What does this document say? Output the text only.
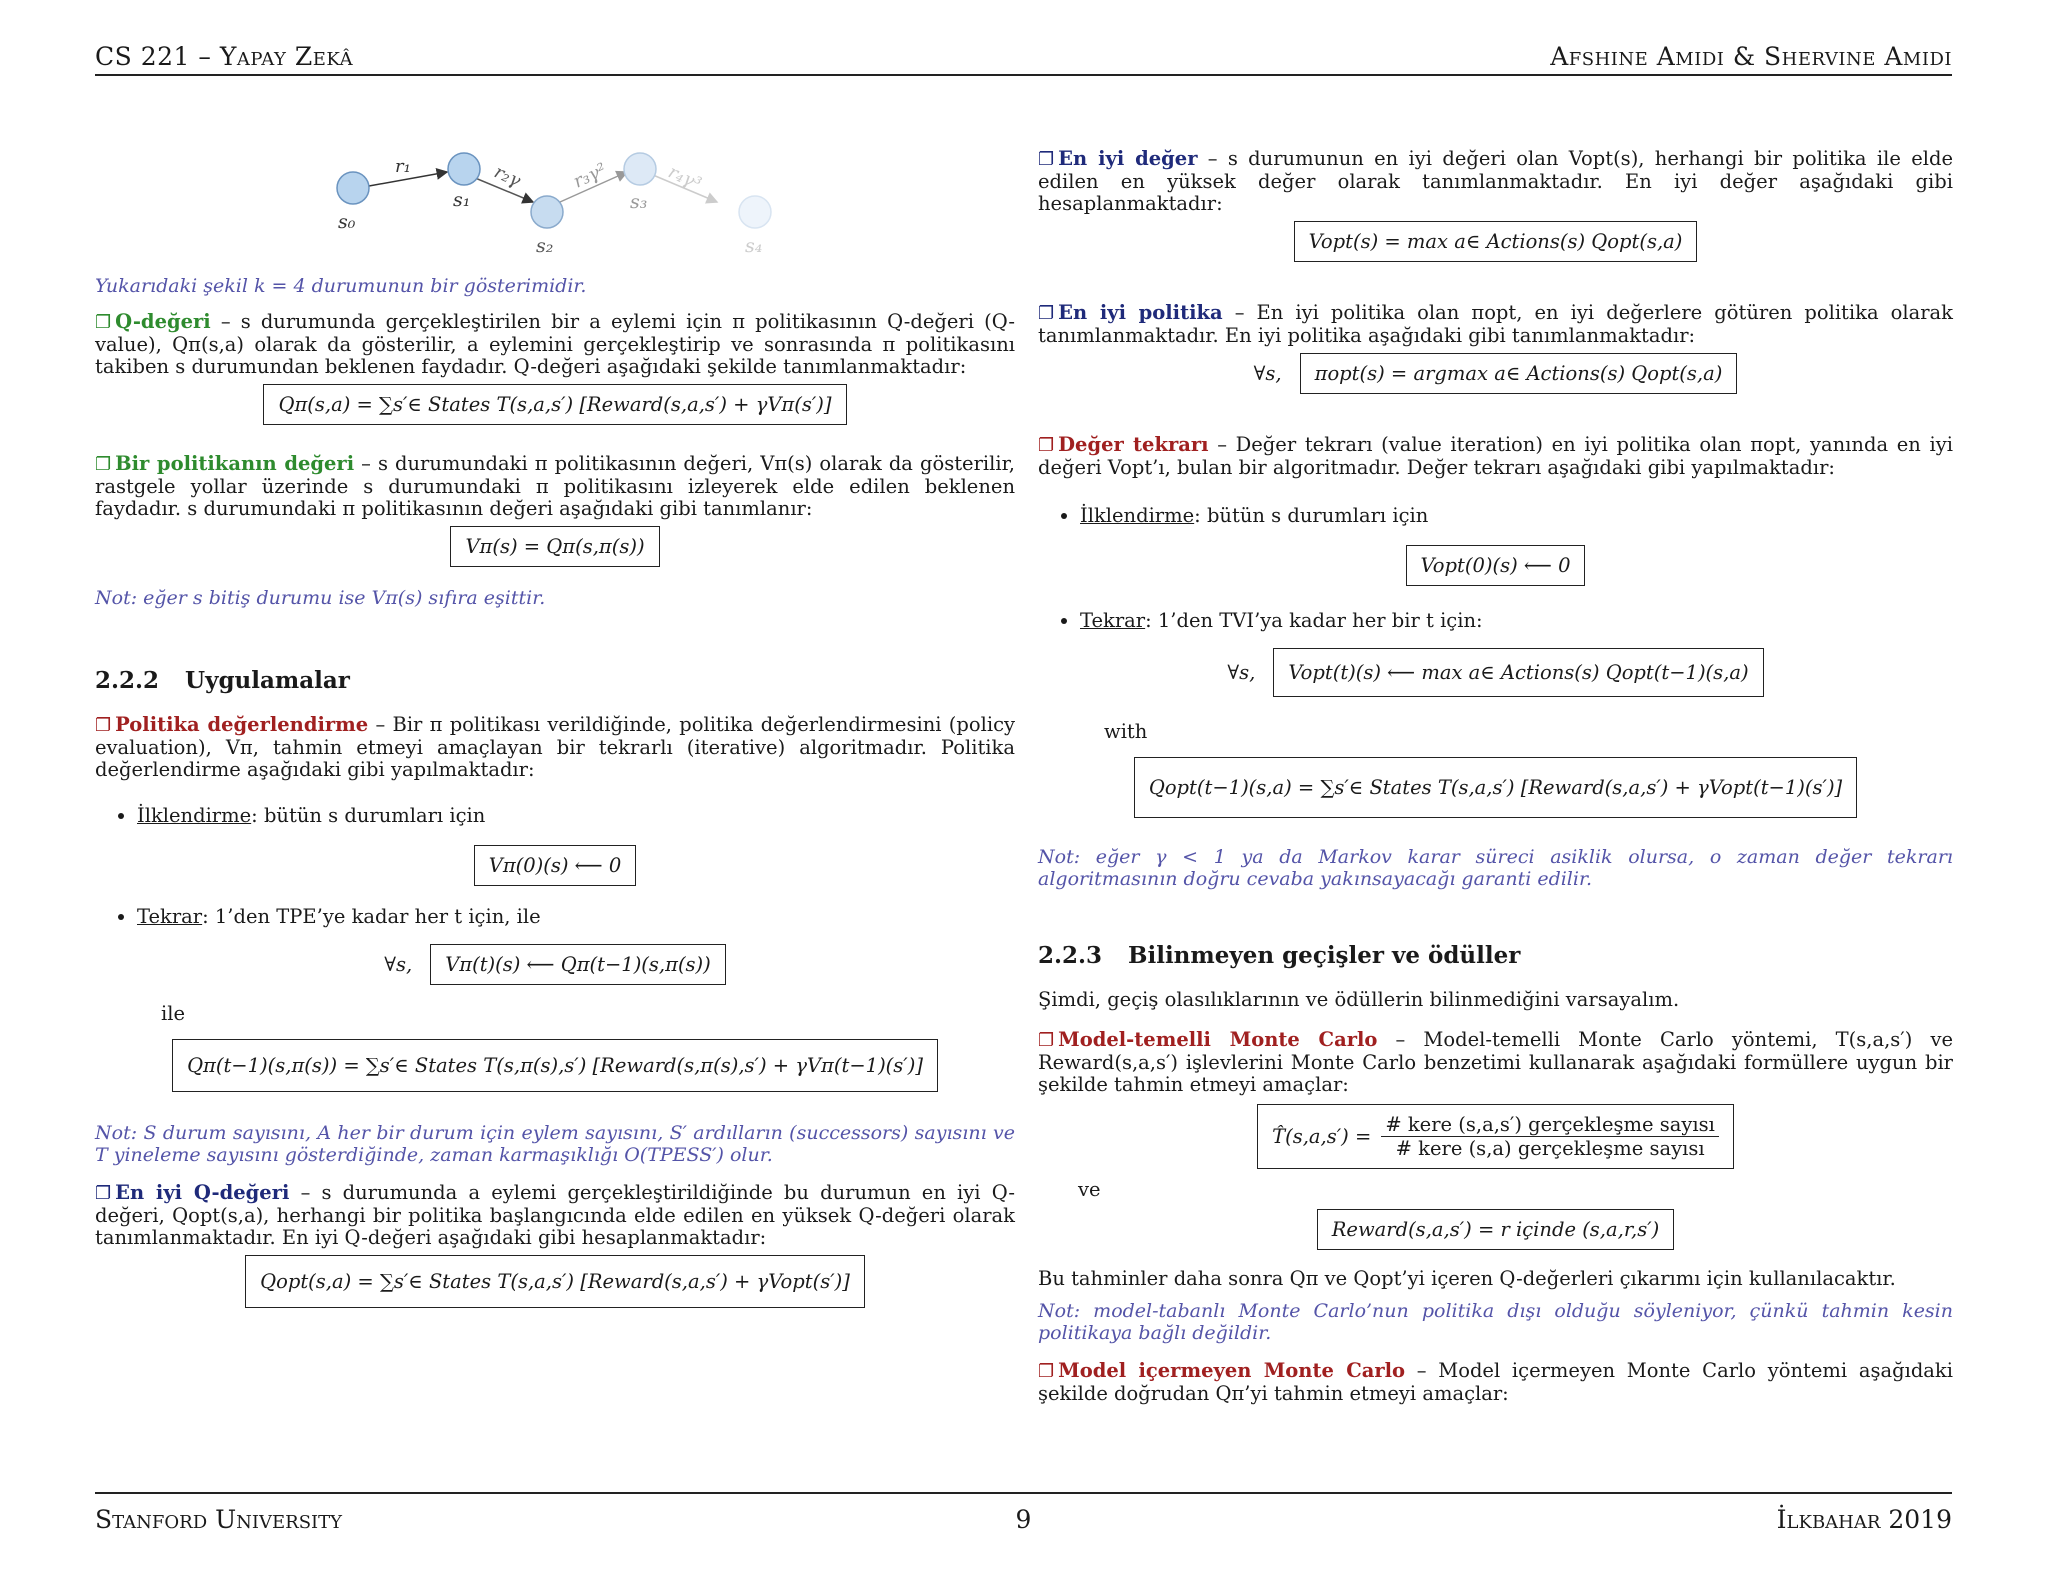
CS 221 – Yapay Zekâ	Afshine Amidi & Shervine Amidi
s₀
s₁
s₂
s₃
s₄
r₁	r₂γ	r₃γ²	r₄γ³

Yukarıdaki şekil k = 4 durumunun bir gösterimidir.

❐ Q-değeri – s durumunda gerçekleştirilen bir a eylemi için π politikasının Q-değeri (Q-value), Qπ(s,a) olarak da gösterilir, a eylemini gerçekleştirip ve sonrasında π politikasını takiben s durumundan beklenen faydadır. Q-değeri aşağıdaki şekilde tanımlanmaktadır:

Qπ(s,a) = ∑s′∈ States T(s,a,s′) [Reward(s,a,s′) + γVπ(s′)]

❐ Bir politikanın değeri – s durumundaki π politikasının değeri, Vπ(s) olarak da gösterilir, rastgele yollar üzerinde s durumundaki π politikasını izleyerek elde edilen beklenen faydadır. s durumundaki π politikasının değeri aşağıdaki gibi tanımlanır:

Vπ(s) = Qπ(s,π(s))

Not: eğer s bitiş durumu ise Vπ(s) sıfıra eşittir.

2.2.2 Uygulamalar

❐ Politika değerlendirme – Bir π politikası verildiğinde, politika değerlendirmesini (policy evaluation), Vπ, tahmin etmeyi amaçlayan bir tekrarlı (iterative) algoritmadır. Politika değerlendirme aşağıdaki gibi yapılmaktadır:

• İlklendirme: bütün s durumları için
Vπ(0)(s) ⟵ 0
• Tekrar: 1’den TPE’ye kadar her t için, ile
∀s, Vπ(t)(s) ⟵ Qπ(t−1)(s,π(s))

ile

Qπ(t−1)(s,π(s)) = ∑s′∈ States T(s,π(s),s′) [Reward(s,π(s),s′) + γVπ(t−1)(s′)]

Not: S durum sayısını, A her bir durum için eylem sayısını, S′ ardılların (successors) sayısını ve T yineleme sayısını gösterdiğinde, zaman karmaşıklığı O(TPESS′) olur.

❐ En iyi Q-değeri – s durumunda a eylemi gerçekleştirildiğinde bu durumun en iyi Q-değeri, Qopt(s,a), herhangi bir politika başlangıcında elde edilen en yüksek Q-değeri olarak tanımlanmaktadır. En iyi Q-değeri aşağıdaki gibi hesaplanmaktadır:

Qopt(s,a) = ∑s′∈ States T(s,a,s′) [Reward(s,a,s′) + γVopt(s′)]

❐ En iyi değer – s durumunun en iyi değeri olan Vopt(s), herhangi bir politika ile elde edilen en yüksek değer olarak tanımlanmaktadır. En iyi değer aşağıdaki gibi hesaplanmaktadır:

Vopt(s) = max a∈ Actions(s) Qopt(s,a)

❐ En iyi politika – En iyi politika olan πopt, en iyi değerlere götüren politika olarak tanımlanmaktadır. En iyi politika aşağıdaki gibi tanımlanmaktadır:

∀s, πopt(s) = argmax a∈ Actions(s) Qopt(s,a)

❐ Değer tekrarı – Değer tekrarı (value iteration) en iyi politika olan πopt, yanında en iyi değeri Vopt’ı, bulan bir algoritmadır. Değer tekrarı aşağıdaki gibi yapılmaktadır:

• İlklendirme: bütün s durumları için
Vopt(0)(s) ⟵ 0
• Tekrar: 1’den TVI’ya kadar her bir t için:
∀s, Vopt(t)(s) ⟵ max a∈ Actions(s) Qopt(t−1)(s,a)

with

Qopt(t−1)(s,a) = ∑s′∈ States T(s,a,s′) [Reward(s,a,s′) + γVopt(t−1)(s′)]

Not: eğer γ < 1 ya da Markov karar süreci asiklik olursa, o zaman değer tekrarı algoritmasının doğru cevaba yakınsayacağı garanti edilir.

2.2.3 Bilinmeyen geçişler ve ödüller

Şimdi, geçiş olasılıklarının ve ödüllerin bilinmediğini varsayalım.

❐ Model-temelli Monte Carlo – Model-temelli Monte Carlo yöntemi, T(s,a,s′) ve Reward(s,a,s′) işlevlerini Monte Carlo benzetimi kullanarak aşağıdaki formüllere uygun bir şekilde tahmin etmeyi amaçlar:

T̂(s,a,s′) =
# kere (s,a,s′) gerçekleşme sayısı
# kere (s,a) gerçekleşme sayısı

ve

Reward(s,a,s′) = r içinde (s,a,r,s′)

Bu tahminler daha sonra Qπ ve Qopt’yi içeren Q-değerleri çıkarımı için kullanılacaktır.

Not: model-tabanlı Monte Carlo’nun politika dışı olduğu söyleniyor, çünkü tahmin kesin politikaya bağlı değildir.

❐ Model içermeyen Monte Carlo – Model içermeyen Monte Carlo yöntemi aşağıdaki şekilde doğrudan Qπ’yi tahmin etmeyi amaçlar:

Stanford University	9	İlkbahar 2019
